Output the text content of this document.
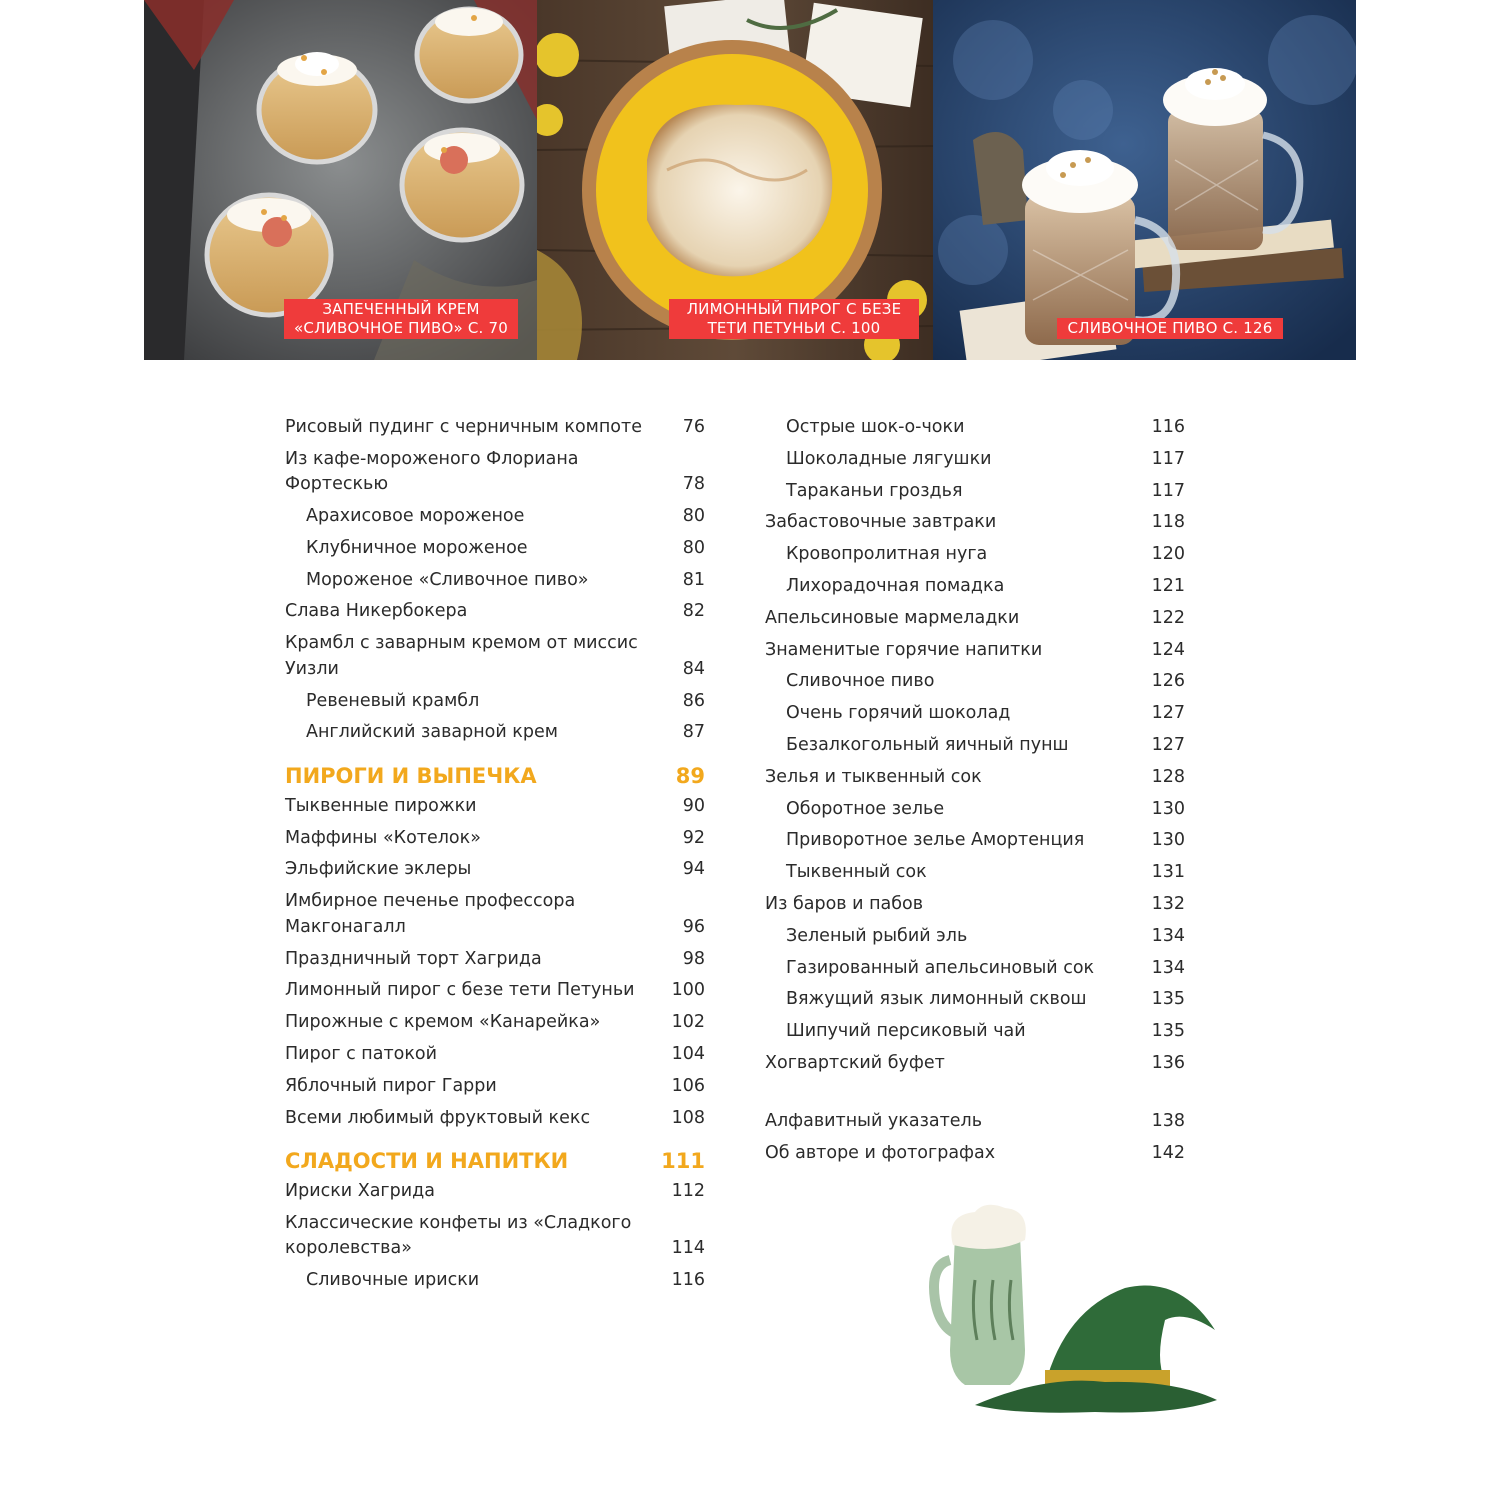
ЗАПЕЧЕННЫЙ КРЕМ
«СЛИВОЧНОЕ ПИВО» С. 70
ЛИМОННЫЙ ПИРОГ С БЕЗЕ
ТЕТИ ПЕТУНЬИ С. 100	СЛИВОЧНОЕ ПИВО С. 126
Рисовый пудинг с черничным компоте 76
Из кафе-мороженого Флориана Фортескью	78
Арахисовое мороженое	80
Клубничное мороженое	80
Мороженое «Сливочное пиво»	81
Слава Никербокера	82
Крамбл с заварным кремом от миссис Уизли	84
Ревеневый крамбл	86
Английский заварной крем	87
ПИРОГИ И ВЫПЕЧКА	89
Тыквенные пирожки	90
Маффины «Котелок»	92
Эльфийские эклеры	94
Имбирное печенье профессора Макгонагалл	96
Праздничный торт Хагрида	98
Лимонный пирог с безе тети Петуньи	100
Пирожные с кремом «Канарейка»	102
Пирог с патокой	104
Яблочный пирог Гарри	106
Всеми любимый фруктовый кекс	108
СЛАДОСТИ И НАПИТКИ	111
Ириски Хагрида	112
Классические конфеты из «Сладкого королевства»	114
Сливочные ириски	116
Острые шок-о-чоки	116
Шоколадные лягушки	117
Тараканьи гроздья	117
Забастовочные завтраки	118
Кровопролитная нуга	120
Лихорадочная помадка	121
Апельсиновые мармеладки	122
Знаменитые горячие напитки	124
Сливочное пиво	126
Очень горячий шоколад	127
Безалкогольный яичный пунш	127
Зелья и тыквенный сок	128
Оборотное зелье	130
Приворотное зелье Амортенция	130
Тыквенный сок	131
Из баров и пабов	132
Зеленый рыбий эль	134
Газированный апельсиновый сок	134
Вяжущий язык лимонный сквош	135
Шипучий персиковый чай	135
Хогвартский буфет	136
Алфавитный указатель	138
Об авторе и фотографах	142
